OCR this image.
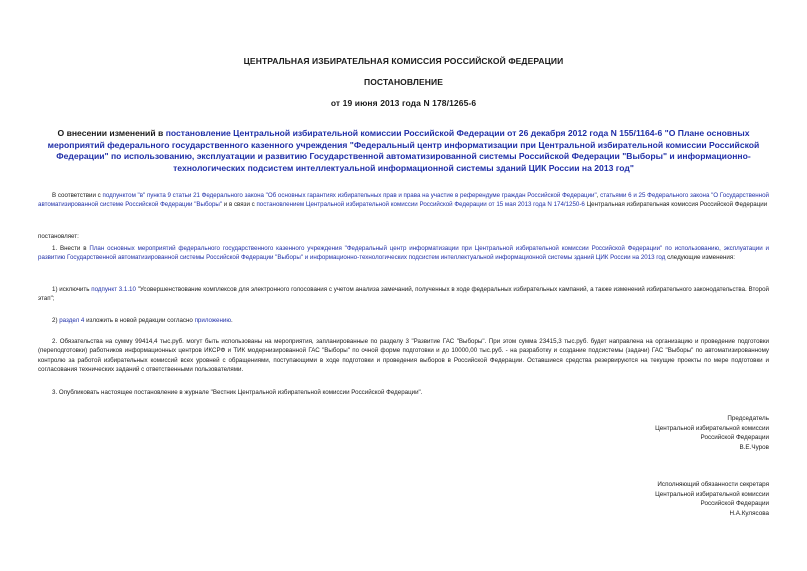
ЦЕНТРАЛЬНАЯ ИЗБИРАТЕЛЬНАЯ КОМИССИЯ РОССИЙСКОЙ ФЕДЕРАЦИИ
ПОСТАНОВЛЕНИЕ
от 19 июня 2013 года N 178/1265-6
О внесении изменений в постановление Центральной избирательной комиссии Российской Федерации от 26 декабря 2012 года N 155/1164-6 "О Плане основных мероприятий федерального государственного казенного учреждения "Федеральный центр информатизации при Центральной избирательной комиссии Российской Федерации" по использованию, эксплуатации и развитию Государственной автоматизированной системы Российской Федерации "Выборы" и информационно-технологических подсистем интеллектуальной информационной системы зданий ЦИК России на 2013 год"
В соответствии с подпунктом "в" пункта 9 статьи 21 Федерального закона "Об основных гарантиях избирательных прав и права на участие в референдуме граждан Российской Федерации", статьями 6 и 25 Федерального закона "О Государственной автоматизированной системе Российской Федерации "Выборы" и в связи с постановлением Центральной избирательной комиссии Российской Федерации от 15 мая 2013 года N 174/1250-6 Центральная избирательная комиссия Российской Федерации
постановляет:
1. Внести в План основных мероприятий федерального государственного казенного учреждения "Федеральный центр информатизации при Центральной избирательной комиссии Российской Федерации" по использованию, эксплуатации и развитию Государственной автоматизированной системы Российской Федерации "Выборы" и информационно-технологических подсистем интеллектуальной информационной системы зданий ЦИК России на 2013 год следующие изменения:
1) исключить подпункт 3.1.10 "Усовершенствование комплексов для электронного голосования с учетом анализа замечаний, полученных в ходе федеральных избирательных кампаний, а также изменений избирательного законодательства. Второй этап";
2) раздел 4 изложить в новой редакции согласно приложению.
2. Обязательства на сумму 99414,4 тыс.руб. могут быть использованы на мероприятия, запланированные по разделу 3 "Развитие ГАС "Выборы". При этом сумма 23415,3 тыс.руб. будет направлена на организацию и проведение подготовки (переподготовки) работников информационных центров ИКСРФ и ТИК модернизированной ГАС "Выборы" по очной форме подготовки и до 10000,00 тыс.руб. - на разработку и создание подсистемы (задачи) ГАС "Выборы" по автоматизированному контролю за работой избирательных комиссий всех уровней с обращениями, поступающими в ходе подготовки и проведения выборов в Российской Федерации. Оставшиеся средства резервируются на текущие проекты по мере подготовки и согласования технических заданий с ответственными пользователями.
3. Опубликовать настоящее постановление в журнале "Вестник Центральной избирательной комиссии Российской Федерации".
Председатель
Центральной избирательной комиссии
Российской Федерации
В.Е.Чуров
Исполняющий обязанности секретаря
Центральной избирательной комиссии
Российской Федерации
Н.А.Кулясова
